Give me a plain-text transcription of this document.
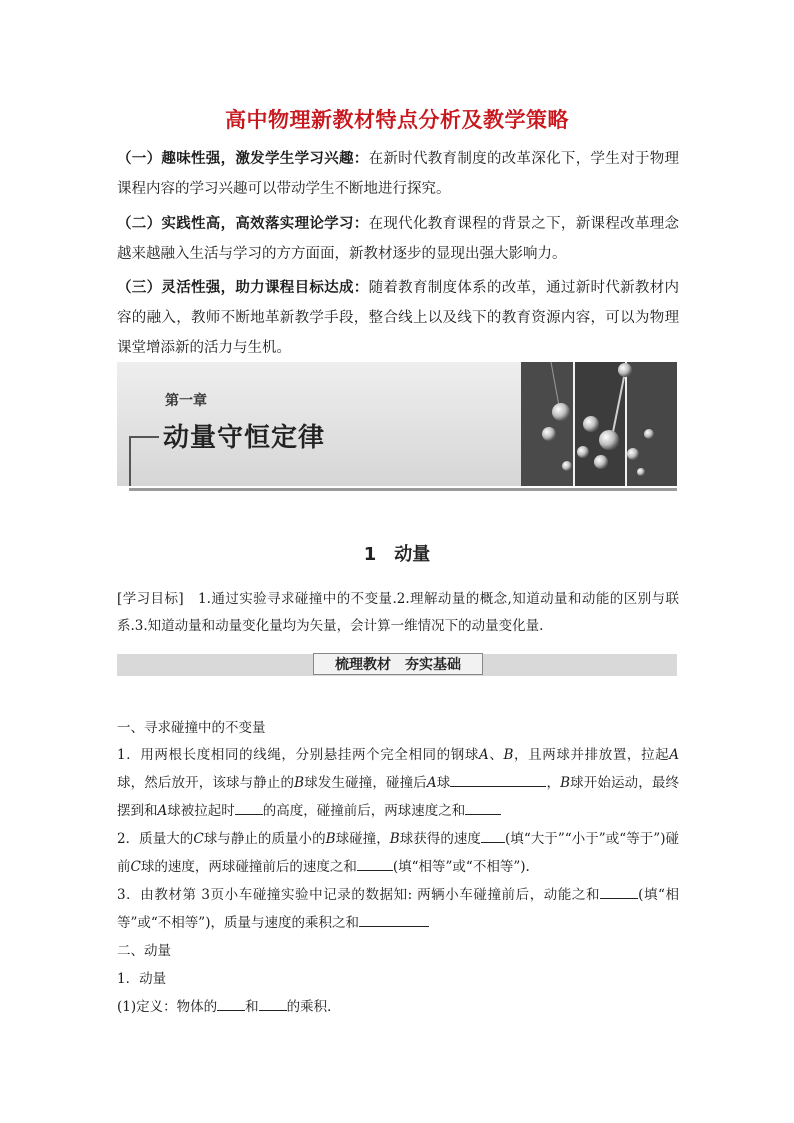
高中物理新教材特点分析及教学策略
（一）趣味性强，激发学生学习兴趣：在新时代教育制度的改革深化下，学生对于物理课程内容的学习兴趣可以带动学生不断地进行探究。
（二）实践性高，高效落实理论学习：在现代化教育课程的背景之下，新课程改革理念越来越融入生活与学习的方方面面，新教材逐步的显现出强大影响力。
（三）灵活性强，助力课程目标达成：随着教育制度体系的改革，通过新时代新教材内容的融入，教师不断地革新教学手段，整合线上以及线下的教育资源内容，可以为物理课堂增添新的活力与生机。
第一章
动量守恒定律
1　动量
[学习目标]　1.通过实验寻求碰撞中的不变量.2.理解动量的概念,知道动量和动能的区别与联系.3.知道动量和动量变化量均为矢量，会计算一维情况下的动量变化量.
梳理教材 夯实基础
一、寻求碰撞中的不变量
1．用两根长度相同的线绳，分别悬挂两个完全相同的钢球A、B，且两球并排放置，拉起A球，然后放开，该球与静止的B球发生碰撞，碰撞后A球	，B球开始运动，最终摆到和A球被拉起时 的高度，碰撞前后，两球速度之和
2．质量大的C球与静止的质量小的B球碰撞，B球获得的速度 (填“大于”“小于”或“等于”)碰前C球的速度，两球碰撞前后的速度之和	(填“相等”或“不相等”).
3．由教材第 3页小车碰撞实验中记录的数据知: 两辆小车碰撞前后，动能之和	(填“相等”或“不相等”)，质量与速度的乘积之和
二、动量
1．动量
(1)定义：物体的 和 的乘积．
